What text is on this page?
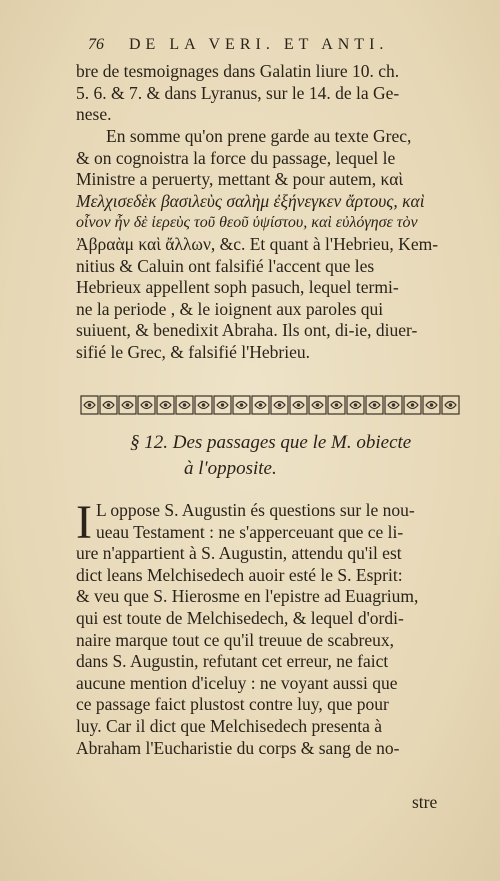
76 DE LA VERI. ET ANTI.
bre de tesmoignages dans Galatin liure 10. ch.
5. 6. & 7. & dans Lyranus, sur le 14. de la Ge-
nese.
En somme qu'on prene garde au texte Grec,
& on cognoistra la force du passage, lequel le
Ministre a peruerty, mettant & pour autem, καὶ
Μελχισεδὲκ βασιλεὺς σαλὴμ ἐξήνεγκεν ἄρτους, καὶ
οἶνον ἦν δὲ ἱερεὺς τοῦ θεοῦ ὑψίστου, καὶ εὐλόγησε τὸν
Ἀβραὰμ καὶ ἄλλων, &c. Et quant à l'Hebrieu, Kem-
nitius & Caluin ont falsifié l'accent que les
Hebrieux appellent soph pasuch, lequel termi-
ne la periode , & le ioignent aux paroles qui
suiuent, & benedixit Abraha. Ils ont, di-ie, diuer-
sifié le Grec, & falsifié l'Hebrieu.
§ 12. Des passages que le M. obiecte
à l'opposite.
I L oppose S. Augustin és questions sur le nou-
ueau Testament : ne s'apperceuant que ce li-
ure n'appartient à S. Augustin, attendu qu'il est
dict leans Melchisedech auoir esté le S. Esprit:
& veu que S. Hierosme en l'epistre ad Euagrium,
qui est toute de Melchisedech, & lequel d'ordi-
naire marque tout ce qu'il treuue de scabreux,
dans S. Augustin, refutant cet erreur, ne faict
aucune mention d'iceluy : ne voyant aussi que
ce passage faict plustost contre luy, que pour
luy. Car il dict que Melchisedech presenta à
Abraham l'Eucharistie du corps & sang de no-
stre
